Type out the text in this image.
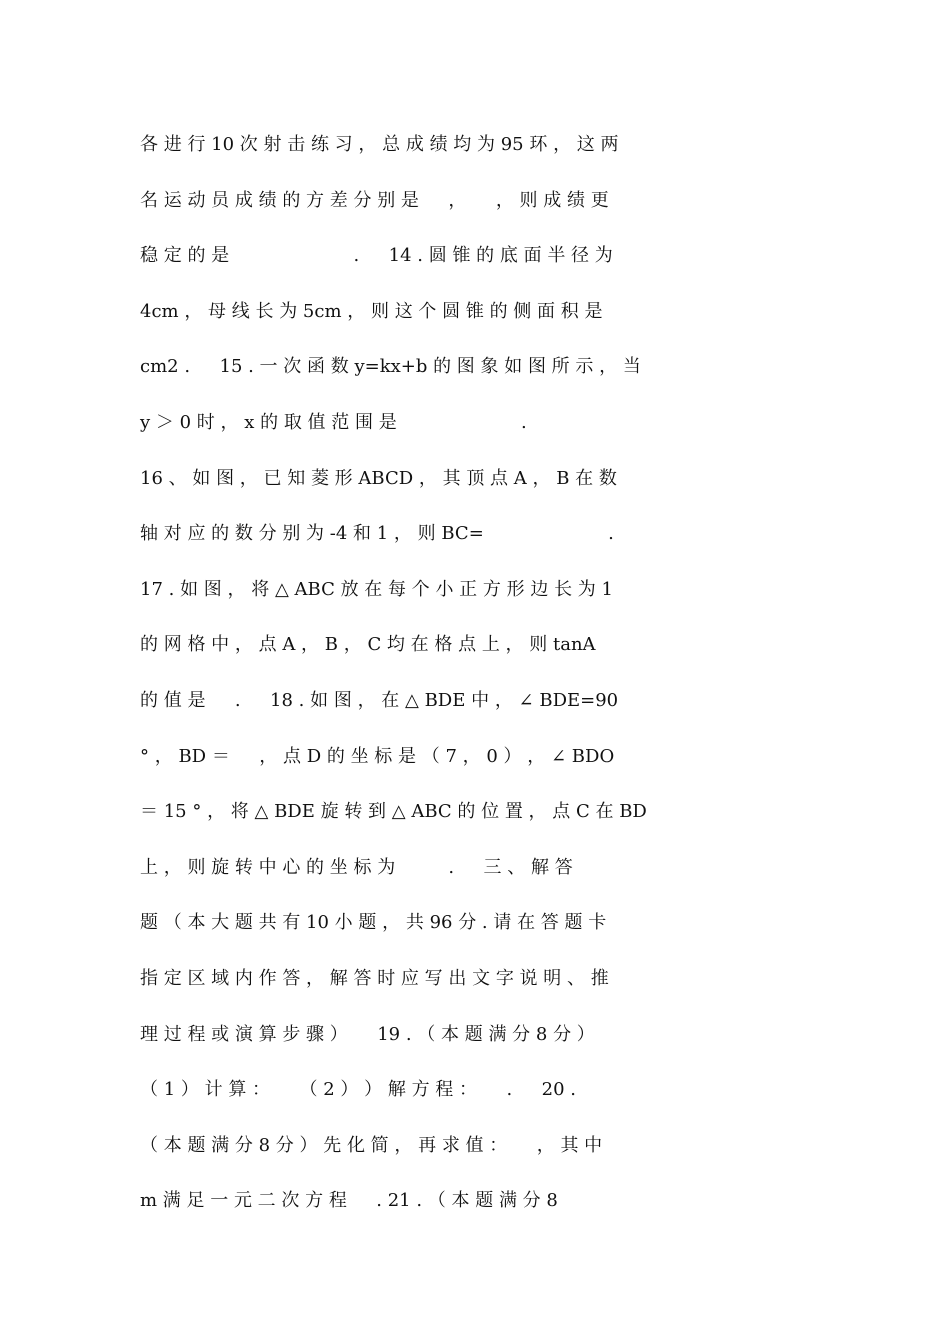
各 进 行 10 次 射 击 练 习 ， 总 成 绩 均 为 95 环 ， 这 两
名 运 动 员 成 绩 的 方 差 分 别 是 　 ， 　 ， 则 成 绩 更
稳 定 的 是 　 　 　 　 　 . 　 14 . 圆 锥 的 底 面 半 径 为
4cm ， 母 线 长 为 5cm ， 则 这 个 圆 锥 的 侧 面 积 是
cm2 . 　 15 . 一 次 函 数 y=kx+b 的 图 象 如 图 所 示 ， 当
y ＞ 0 时 ， x 的 取 值 范 围 是 　 　 　 　 　 .
16 、 如 图 ， 已 知 菱 形 ABCD ， 其 顶 点 A ， B 在 数
轴 对 应 的 数 分 别 为 -4 和 1 ， 则 BC= 　 　 　 　 　 .
17 . 如 图 ， 将 △ ABC 放 在 每 个 小 正 方 形 边 长 为 1
的 网 格 中 ， 点 A ， B ， C 均 在 格 点 上 ， 则 tanA
的 值 是 　 . 　 18 . 如 图 ， 在 △ BDE 中 ， ∠ BDE=90
° ， BD ＝ 　 ， 点 D 的 坐 标 是 （ 7 ， 0 ） ， ∠ BDO
＝ 15 ° ， 将 △ BDE 旋 转 到 △ ABC 的 位 置 ， 点 C 在 BD
上 ， 则 旋 转 中 心 的 坐 标 为 　 　 . 　 三 、 解 答
题 （ 本 大 题 共 有 10 小 题 ， 共 96 分 . 请 在 答 题 卡
指 定 区 域 内 作 答 ， 解 答 时 应 写 出 文 字 说 明 、 推
理 过 程 或 演 算 步 骤 ） 　 19 . （ 本 题 满 分 8 分 ）
（ 1 ） 计 算 ： 　 （ 2 ） ） 解 方 程 ： 　 . 　 20 .
（ 本 题 满 分 8 分 ） 先 化 简 ， 再 求 值 ： 　 ， 其 中
m 满 足 一 元 二 次 方 程 　 . 21 . （ 本 题 满 分 8
